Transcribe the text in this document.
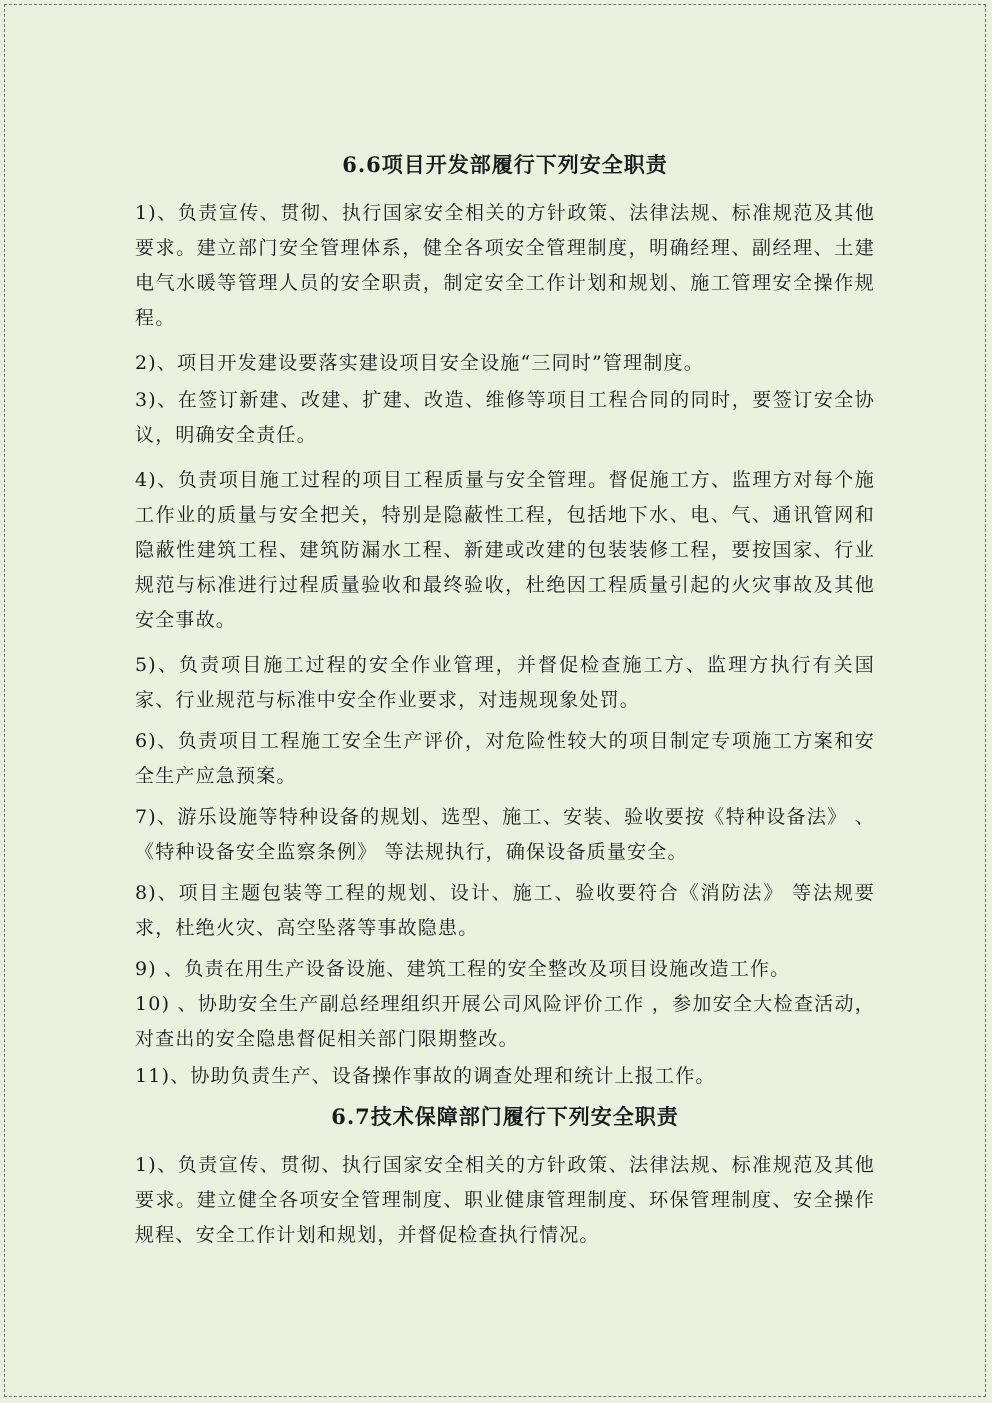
6.6项目开发部履行下列安全职责

1)、负责宣传、贯彻、执行国家安全相关的方针政策、法律法规、标准规范及其他要求。建立部门安全管理体系，健全各项安全管理制度，明确经理、副经理、土建电气水暖等管理人员的安全职责，制定安全工作计划和规划、施工管理安全操作规程。

2)、项目开发建设要落实建设项目安全设施“三同时”管理制度。

3)、在签订新建、改建、扩建、改造、维修等项目工程合同的同时，要签订安全协议，明确安全责任。

4)、负责项目施工过程的项目工程质量与安全管理。督促施工方、监理方对每个施工作业的质量与安全把关，特别是隐蔽性工程，包括地下水、电、气、通讯管网和隐蔽性建筑工程、建筑防漏水工程、新建或改建的包装装修工程，要按国家、行业规范与标准进行过程质量验收和最终验收，杜绝因工程质量引起的火灾事故及其他安全事故。

5)、负责项目施工过程的安全作业管理，并督促检查施工方、监理方执行有关国家、行业规范与标准中安全作业要求，对违规现象处罚。

6)、负责项目工程施工安全生产评价，对危险性较大的项目制定专项施工方案和安全生产应急预案。

7)、游乐设施等特种设备的规划、选型、施工、安装、验收要按《特种设备法》 、《特种设备安全监察条例》 等法规执行，确保设备质量安全。

8)、项目主题包装等工程的规划、设计、施工、验收要符合《消防法》 等法规要求，杜绝火灾、高空坠落等事故隐患。

9) 、负责在用生产设备设施、建筑工程的安全整改及项目设施改造工作。

10) 、协助安全生产副总经理组织开展公司风险评价工作 ，参加安全大检查活动，对查出的安全隐患督促相关部门限期整改。

11)、协助负责生产、设备操作事故的调查处理和统计上报工作。

6.7技术保障部门履行下列安全职责

1)、负责宣传、贯彻、执行国家安全相关的方针政策、法律法规、标准规范及其他要求。建立健全各项安全管理制度、职业健康管理制度、环保管理制度、安全操作规程、安全工作计划和规划，并督促检查执行情况。
